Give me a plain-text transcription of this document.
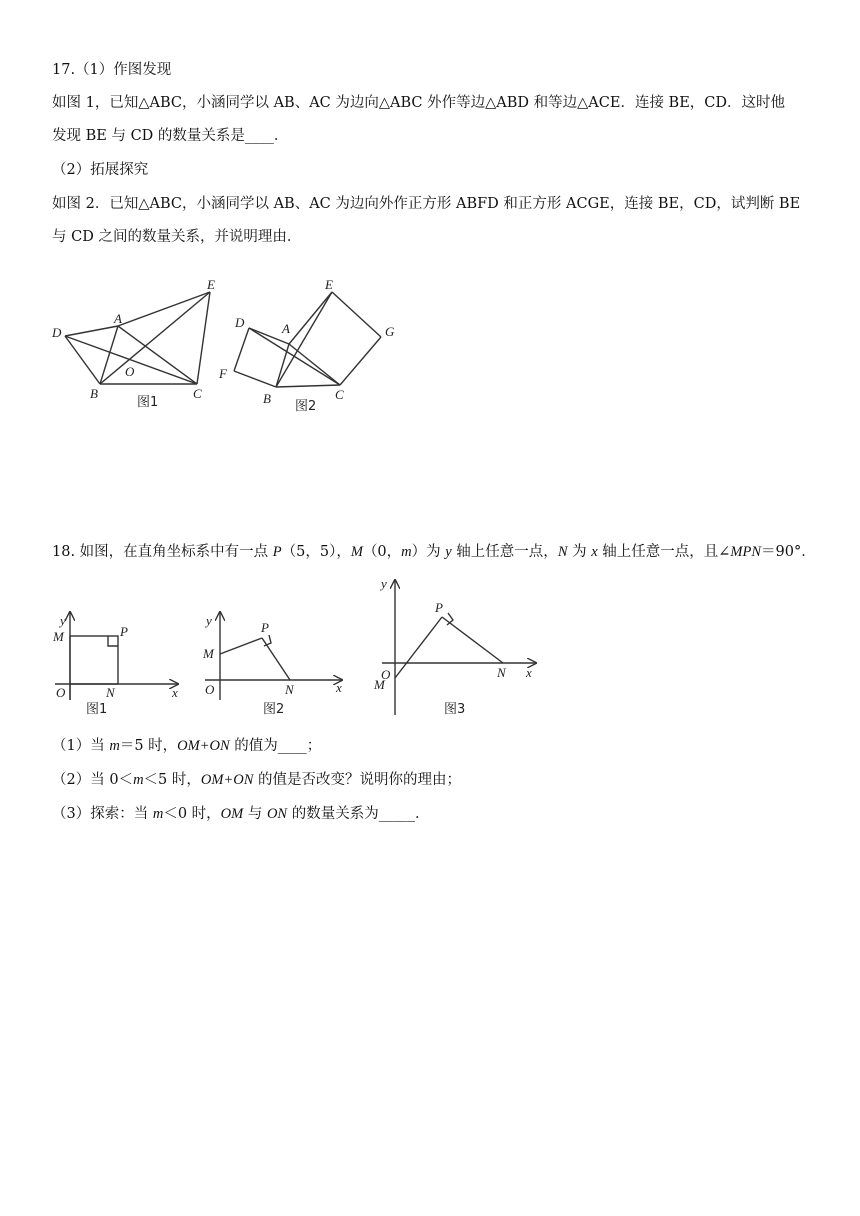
17.（1）作图发现
如图 1，已知△ABC，小涵同学以 AB、AC 为边向△ABC 外作等边△ABD 和等边△ACE．连接 BE，CD．这时他
发现 BE 与 CD 的数量关系是____．
（2）拓展探究
如图 2．已知△ABC，小涵同学以 AB、AC 为边向外作正方形 ABFD 和正方形 ACGE，连接 BE，CD，试判断 BE
与 CD 之间的数量关系，并说明理由．
D
A
E
O
B	C
图1
D	A
E
G
F
B	C
图2
18. 如图，在直角坐标系中有一点 P（5，5），M（0，m）为 y 轴上任意一点，N 为 x 轴上任意一点，且∠MPN＝90°．
y
M	P
O	N	x
图1
y
M
P
O	N	x
图2
y
P
O
M
N x
图3
（1）当 m＝5 时，OM+ON 的值为____；
（2）当 0＜m＜5 时，OM+ON 的值是否改变？说明你的理由；
（3）探索：当 m＜0 时，OM 与 ON 的数量关系为_____．
